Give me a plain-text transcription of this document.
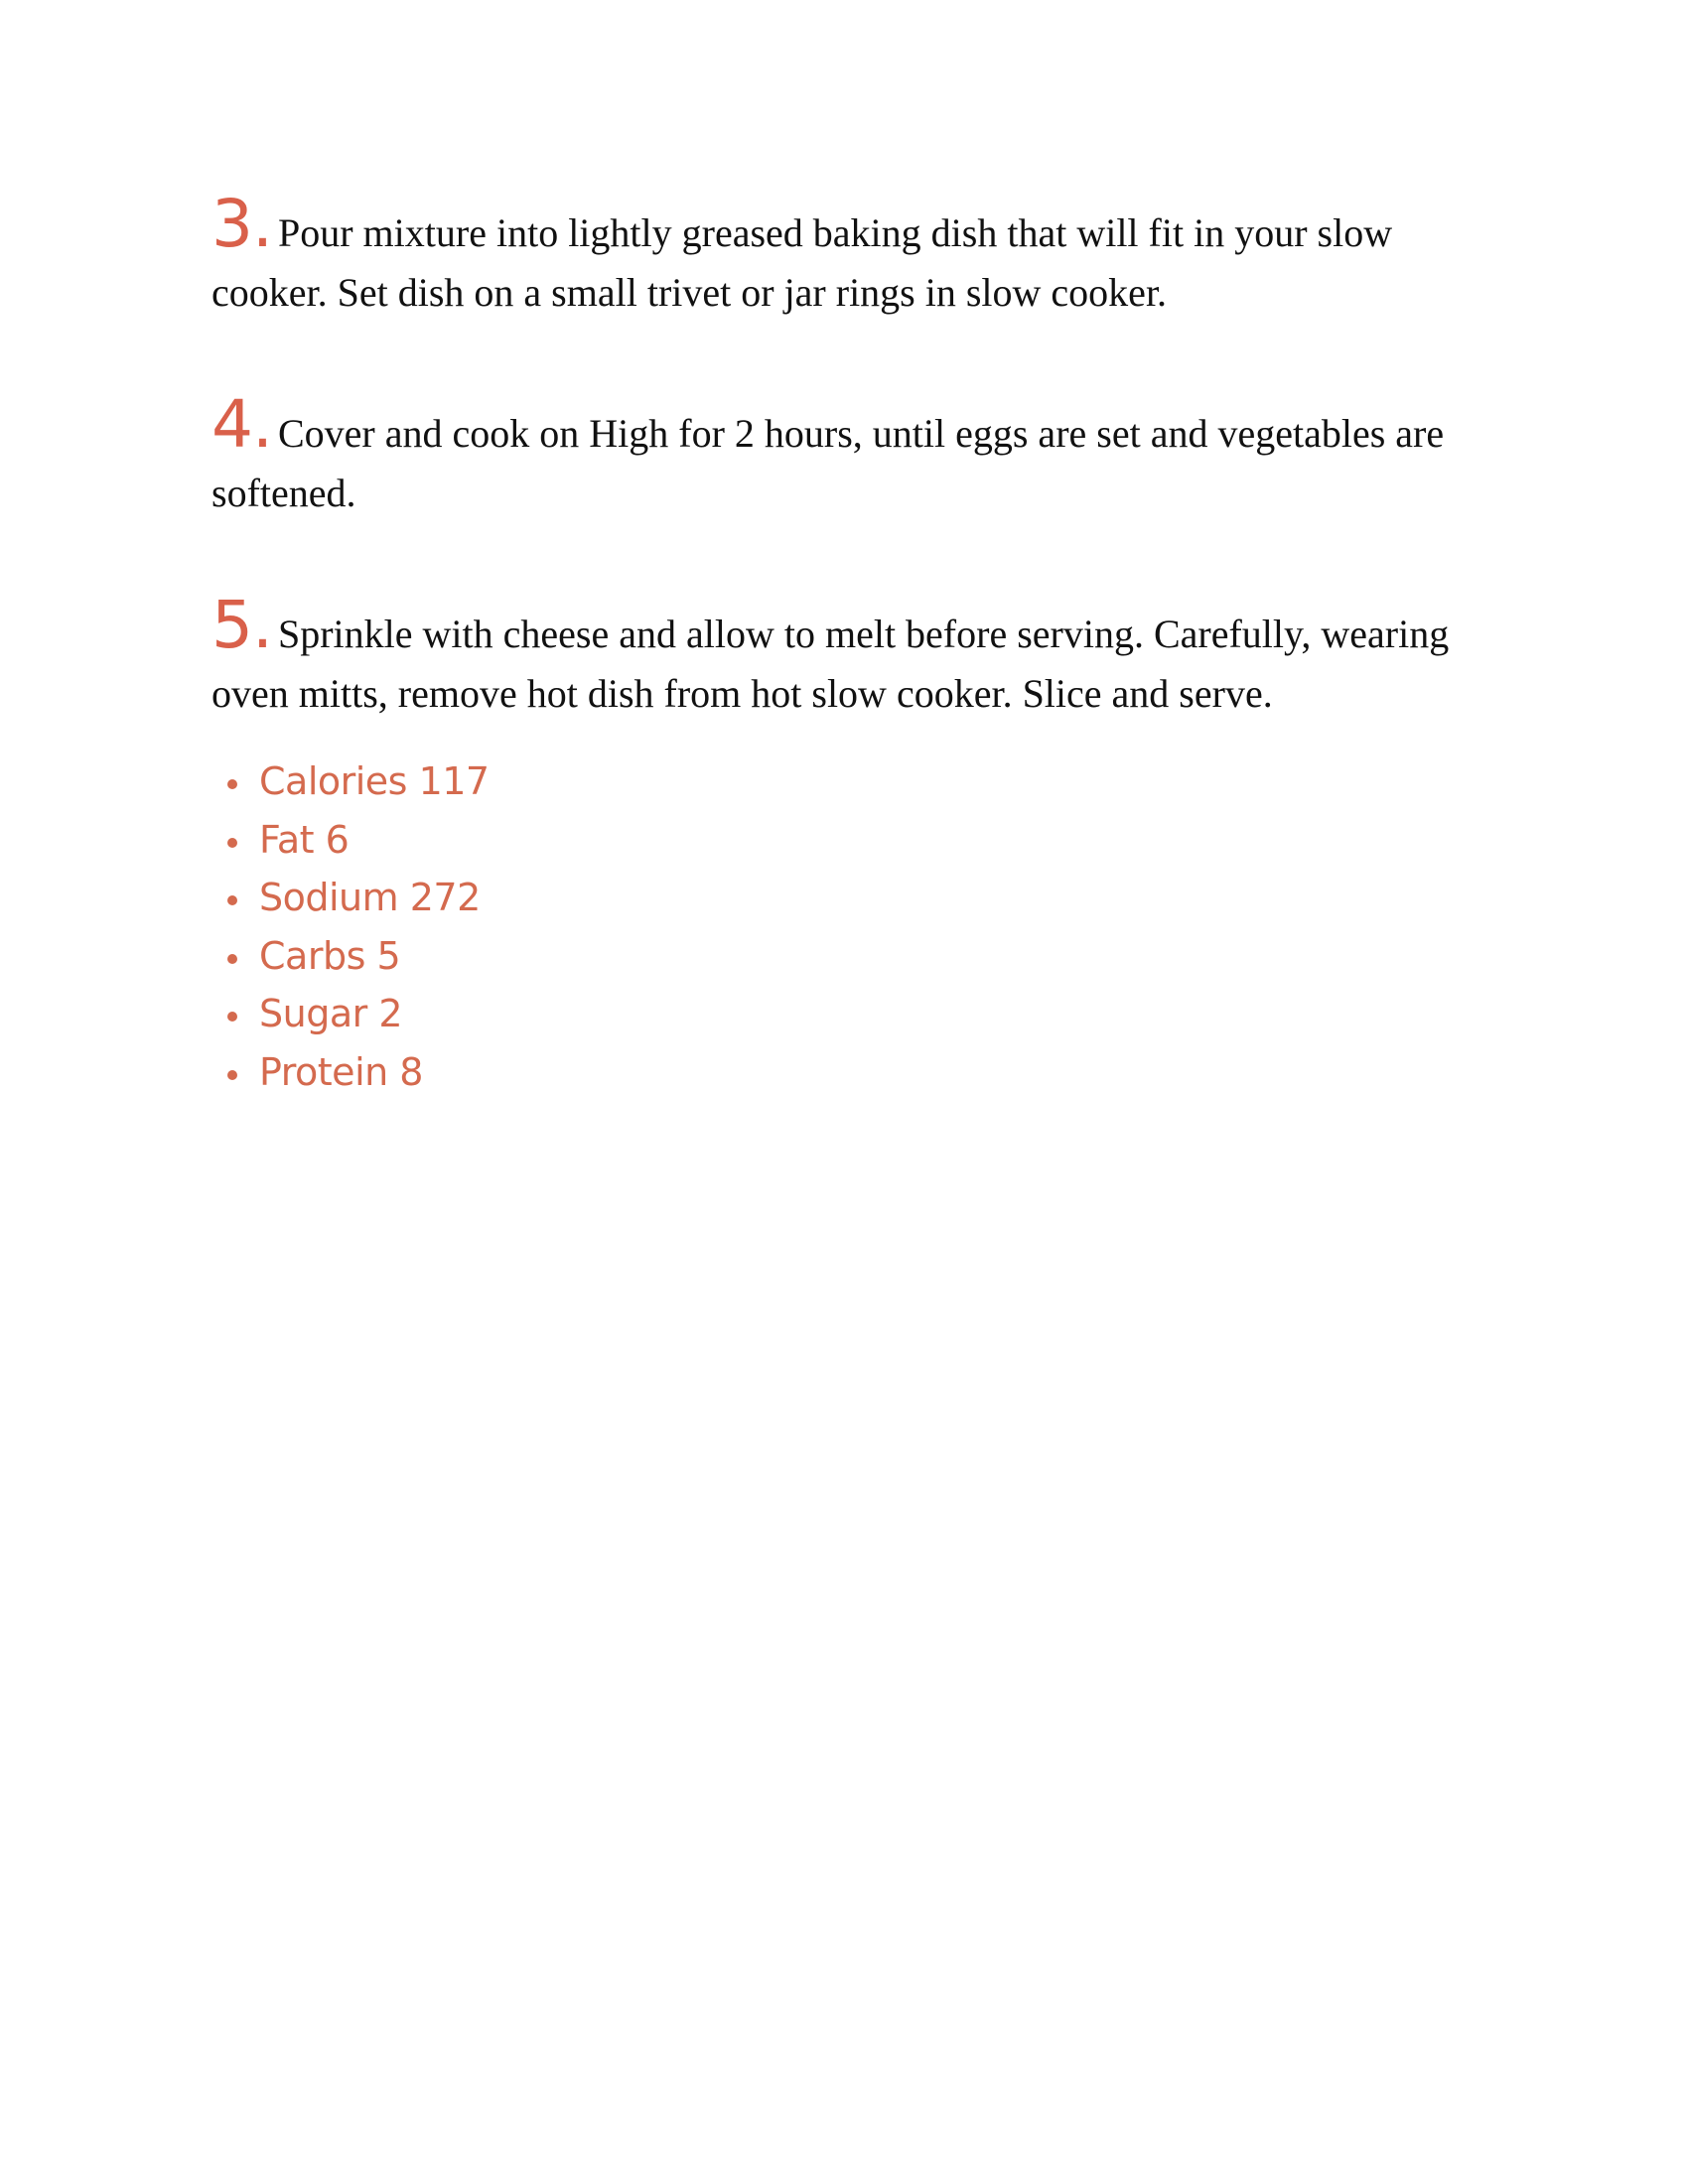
3. Pour mixture into lightly greased baking dish that will fit in your slow cooker. Set dish on a small trivet or jar rings in slow cooker.

4. Cover and cook on High for 2 hours, until eggs are set and vegetables are softened.

5. Sprinkle with cheese and allow to melt before serving. Carefully, wearing oven mitts, remove hot dish from hot slow cooker. Slice and serve.

Calories 117
Fat 6
Sodium 272
Carbs 5
Sugar 2
Protein 8
